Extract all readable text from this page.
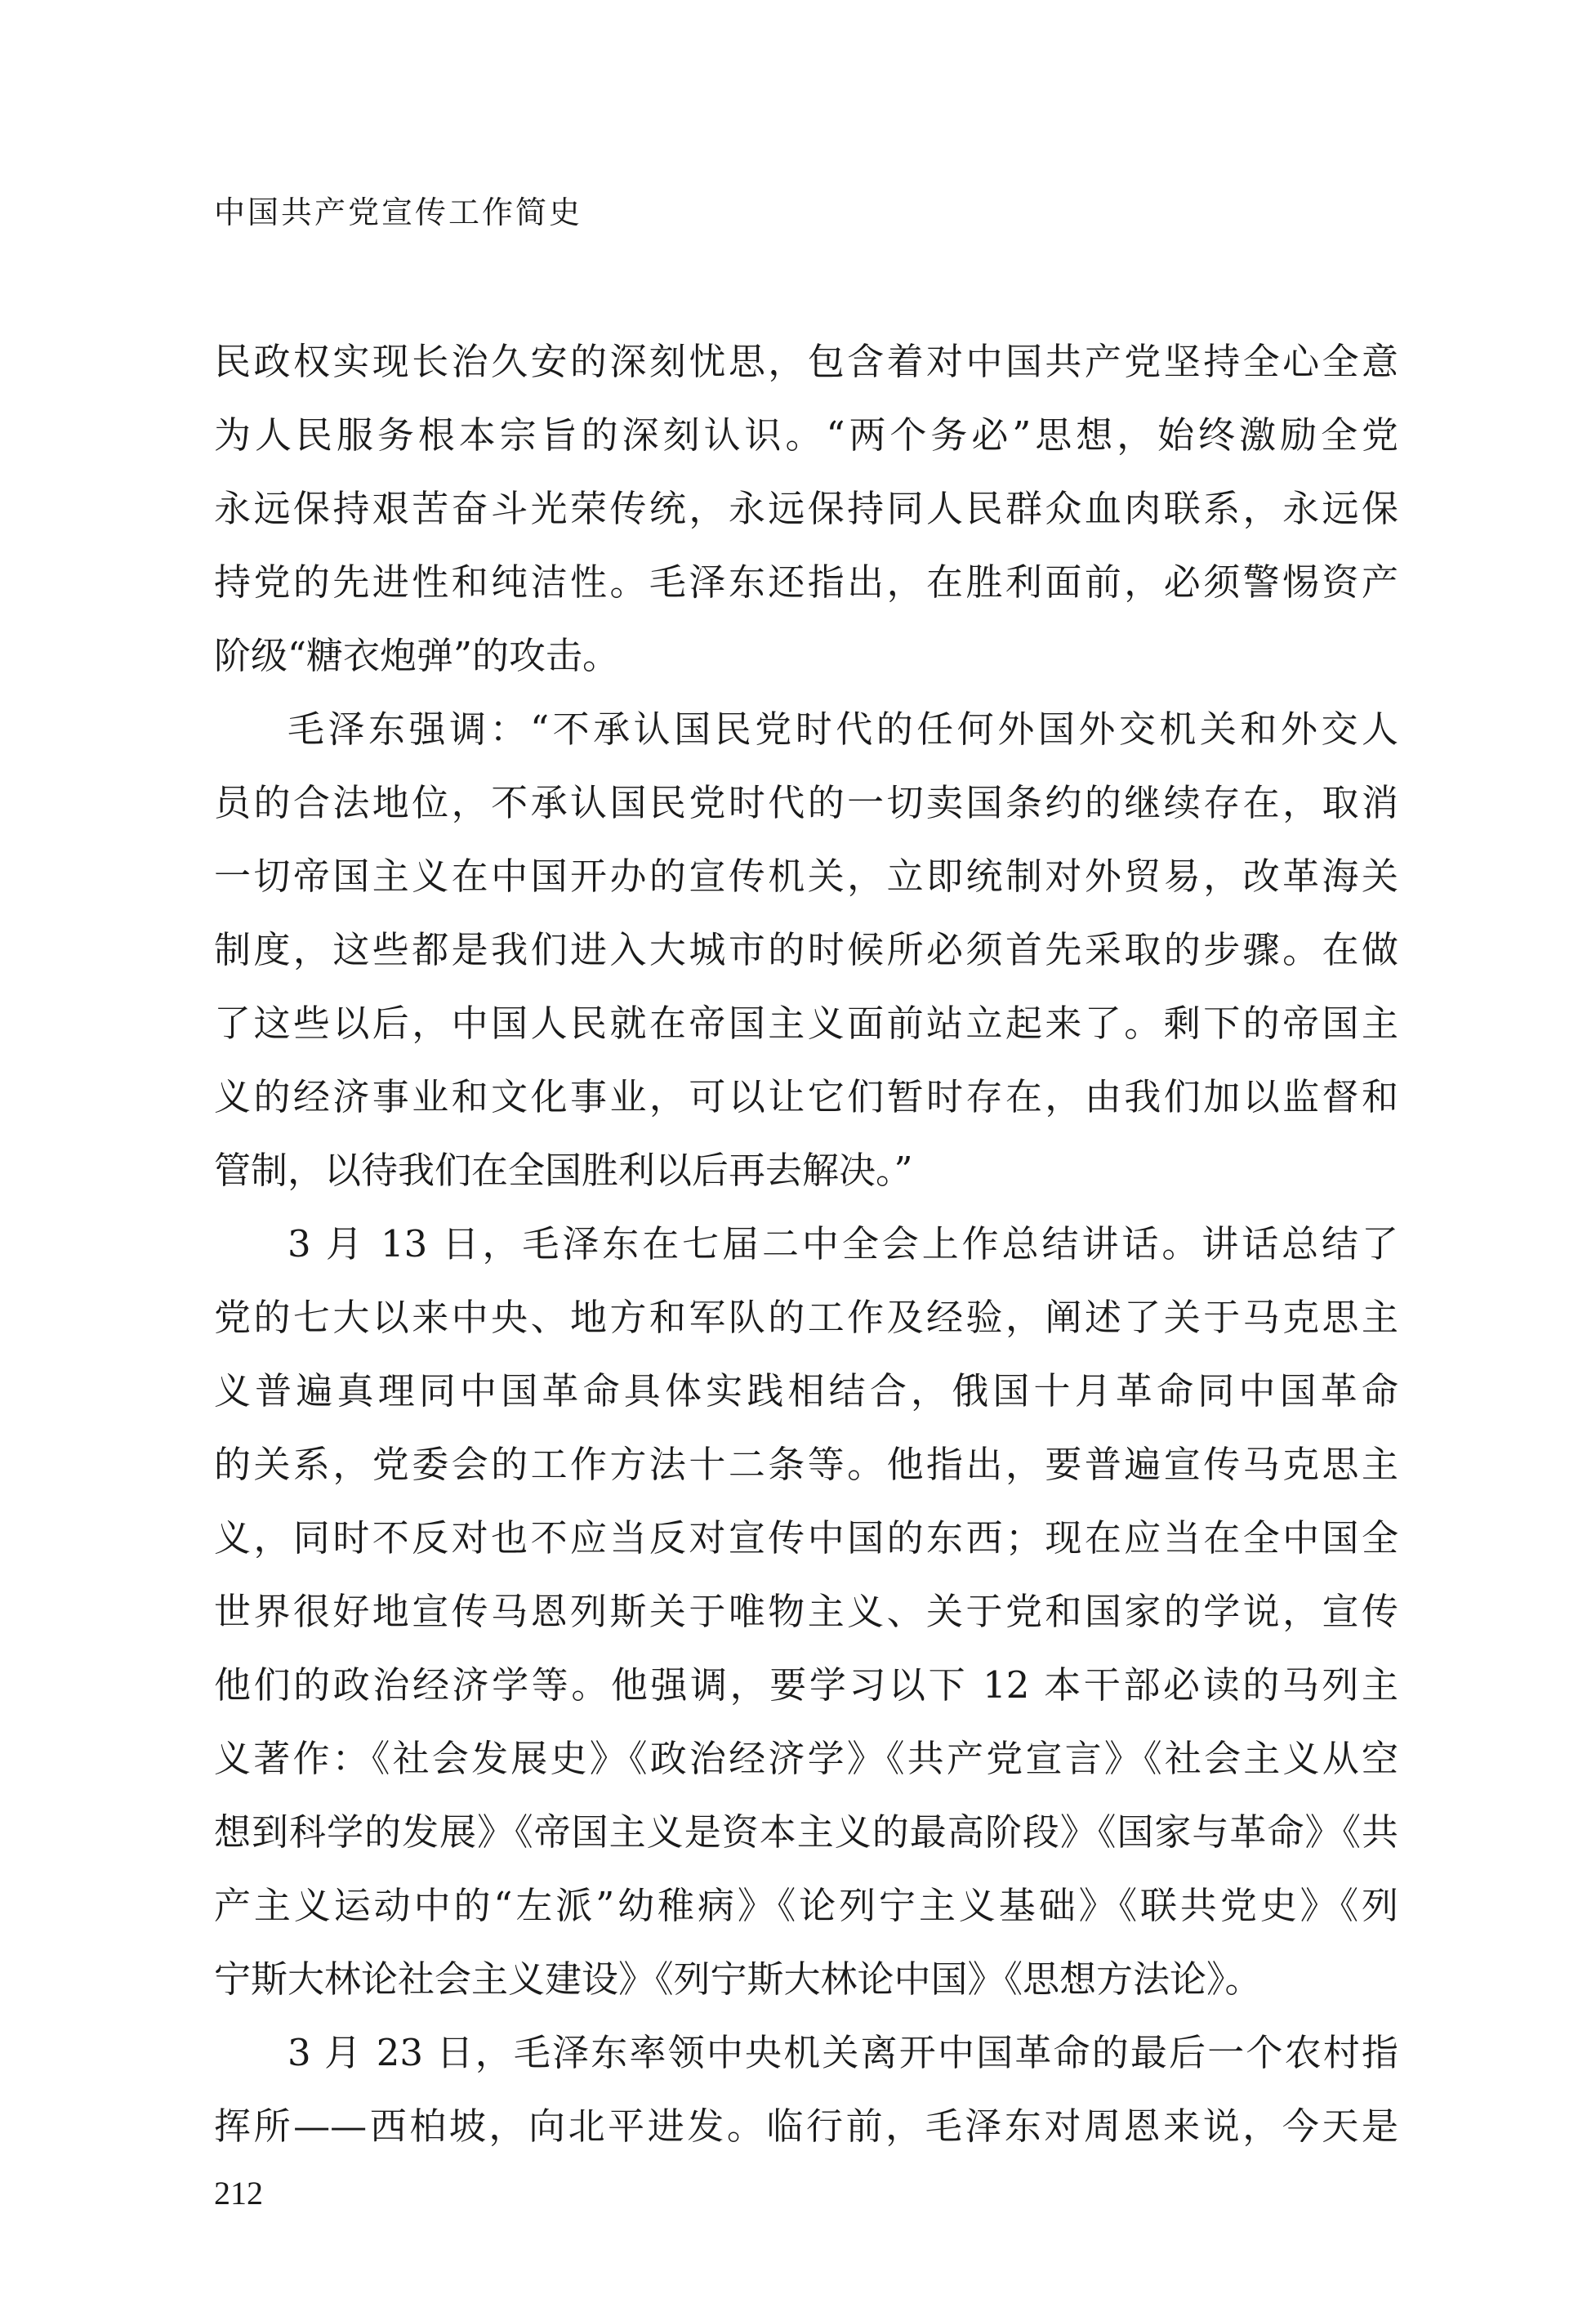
中国共产党宣传工作简史
民政权实现长治久安的深刻忧思，包含着对中国共产党坚持全心全意
为人民服务根本宗旨的深刻认识。“两个务必”思想，始终激励全党
永远保持艰苦奋斗光荣传统，永远保持同人民群众血肉联系，永远保
持党的先进性和纯洁性。毛泽东还指出，在胜利面前，必须警惕资产
阶级“糖衣炮弹”的攻击。
毛泽东强调：“不承认国民党时代的任何外国外交机关和外交人
员的合法地位，不承认国民党时代的一切卖国条约的继续存在，取消
一切帝国主义在中国开办的宣传机关，立即统制对外贸易，改革海关
制度，这些都是我们进入大城市的时候所必须首先采取的步骤。在做
了这些以后，中国人民就在帝国主义面前站立起来了。剩下的帝国主
义的经济事业和文化事业，可以让它们暂时存在，由我们加以监督和
管制，以待我们在全国胜利以后再去解决。”
3 月 13 日，毛泽东在七届二中全会上作总结讲话。讲话总结了
党的七大以来中央、地方和军队的工作及经验，阐述了关于马克思主
义普遍真理同中国革命具体实践相结合，俄国十月革命同中国革命
的关系，党委会的工作方法十二条等。他指出，要普遍宣传马克思主
义，同时不反对也不应当反对宣传中国的东西；现在应当在全中国全
世界很好地宣传马恩列斯关于唯物主义、关于党和国家的学说，宣传
他们的政治经济学等。他强调，要学习以下 12 本干部必读的马列主
义著作：《社会发展史》《政治经济学》《共产党宣言》《社会主义从空
想到科学的发展》《帝国主义是资本主义的最高阶段》《国家与革命》《共
产主义运动中的“左派”幼稚病》《论列宁主义基础》《联共党史》《列
宁斯大林论社会主义建设》《列宁斯大林论中国》《思想方法论》。
3 月 23 日，毛泽东率领中央机关离开中国革命的最后一个农村指
挥所——西柏坡，向北平进发。临行前，毛泽东对周恩来说，今天是
212
